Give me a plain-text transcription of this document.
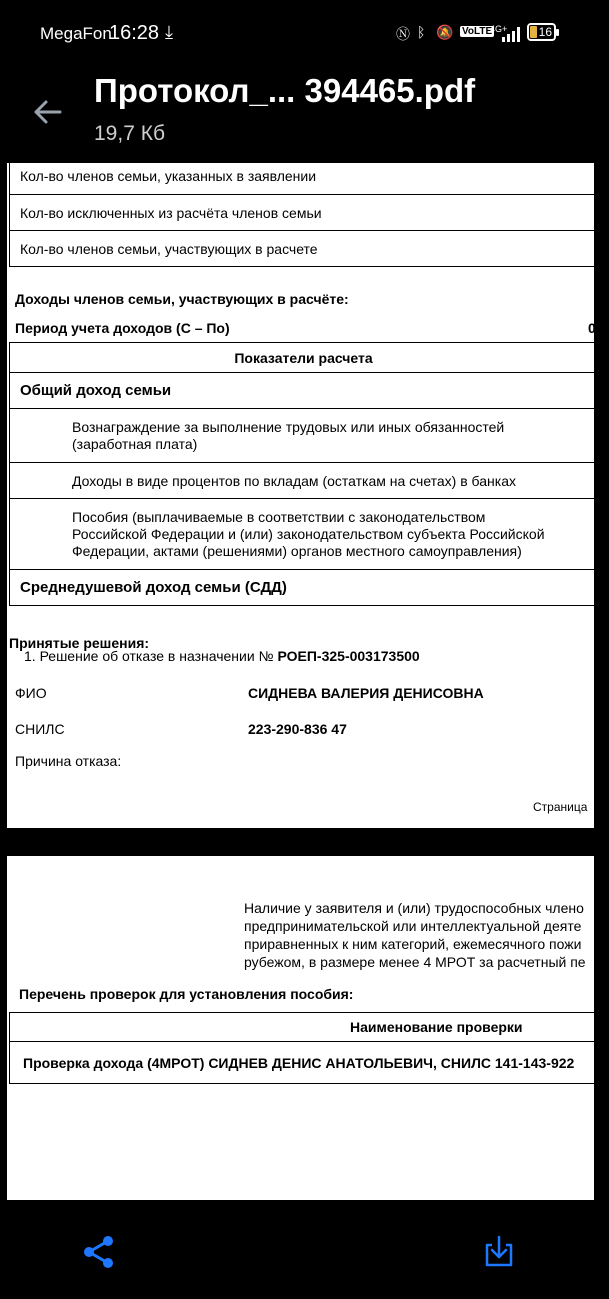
MegaFon
16:28 ⤓	Ⓝ ᛒ 🔕 VoLTE
4G+	16
Протокол_... 394465.pdf
19,7 Кб
Кол-во членов семьи, указанных в заявлении	
Кол-во исключенных из расчёта членов семьи	
Кол-во членов семьи, участвующих в расчете	
Доходы членов семьи, участвующих в расчёте:
Период учета доходов (С – По)	0
Показатели расчета	
Общий доход семьи	

Вознаграждение за выполнение трудовых или иных обязанностей
(заработная плата)	

Доходы в виде процентов по вкладам (остаткам на счетах) в банках	

Пособия (выплачиваемые в соответствии с законодательством
Российской Федерации и (или) законодательством субъекта Российской
Федерации, актами (решениями) органов местного самоуправления)	

Среднедушевой доход семьи (СДД)	
Принятые решения:
1. Решение об отказе в назначении № РОЕП-325-003173500
ФИО	СИДНЕВА ВАЛЕРИЯ ДЕНИСОВНА
СНИЛС	223-290-836 47
Причина отказа:
Страница
Наличие у заявителя и (или) трудоспособных члено
предпринимательской или интеллектуальной деяте
приравненных к ним категорий, ежемесячного пожи
рубежом, в размере менее 4 МРОТ за расчетный пе
Перечень проверок для установления пособия:
Наименование проверки
Проверка дохода (4МРОТ) СИДНЕВ ДЕНИС АНАТОЛЬЕВИЧ, СНИЛС 141-143-922
